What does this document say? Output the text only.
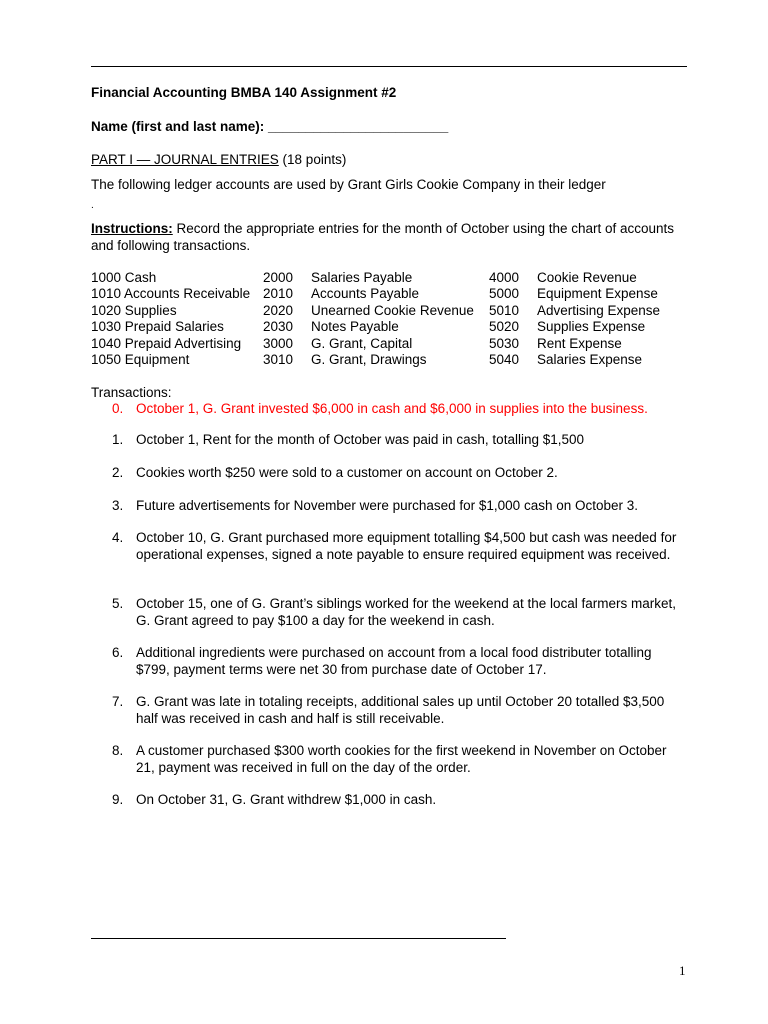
Financial Accounting BMBA 140 Assignment #2
Name (first and last name): ________________________
PART I — JOURNAL ENTRIES (18 points)
The following ledger accounts are used by Grant Girls Cookie Company in their ledger
.
Instructions: Record the appropriate entries for the month of October using the chart of accounts and following transactions.
1000 Cash	2000 Salaries Payable	4000 Cookie Revenue
1010 Accounts Receivable 2010 Accounts Payable	5000 Equipment Expense
1020 Supplies	2020 Unearned Cookie Revenue 5010 Advertising Expense
1030 Prepaid Salaries	2030 Notes Payable	5020 Supplies Expense
1040 Prepaid Advertising 3000 G. Grant, Capital	5030 Rent Expense
1050 Equipment	3010 G. Grant, Drawings	5040 Salaries Expense
Transactions:
0. October 1, G. Grant invested $6,000 in cash and $6,000 in supplies into the business.
1. October 1, Rent for the month of October was paid in cash, totalling $1,500
2. Cookies worth $250 were sold to a customer on account on October 2.
3. Future advertisements for November were purchased for $1,000 cash on October 3.
4. October 10, G. Grant purchased more equipment totalling $4,500 but cash was needed for operational expenses, signed a note payable to ensure required equipment was received.
5. October 15, one of G. Grant’s siblings worked for the weekend at the local farmers market, G. Grant agreed to pay $100 a day for the weekend in cash.
6. Additional ingredients were purchased on account from a local food distributer totalling $799, payment terms were net 30 from purchase date of October 17.
7. G. Grant was late in totaling receipts, additional sales up until October 20 totalled $3,500 half was received in cash and half is still receivable.
8. A customer purchased $300 worth cookies for the first weekend in November on October 21, payment was received in full on the day of the order.
9. On October 31, G. Grant withdrew $1,000 in cash.
1
